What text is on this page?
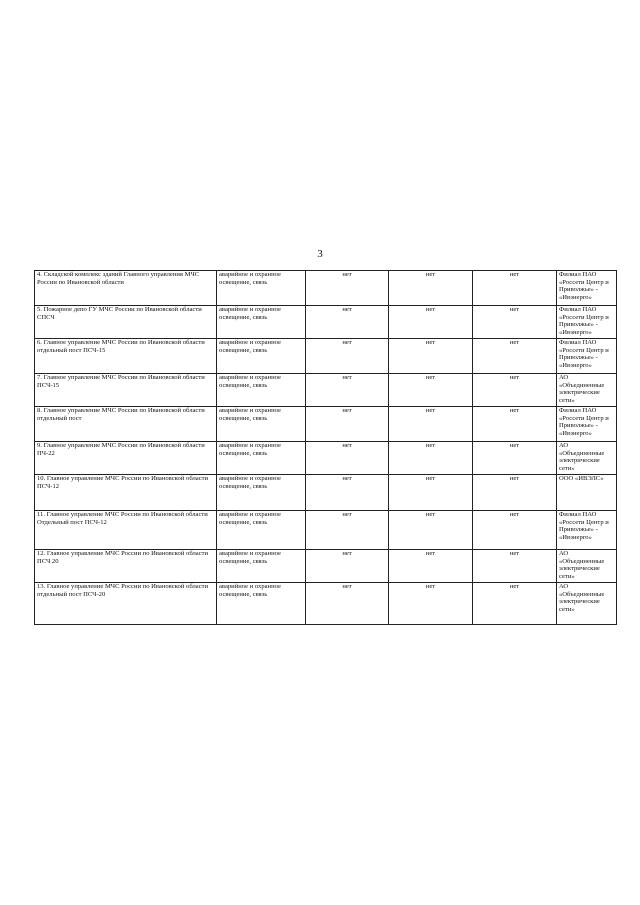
3
4. Складской комплекс зданий Главного управления МЧС России по Ивановской области	аварийное и охранное освещение, связь	нет	нет	нет	Филиал ПАО «Россети Центр и Приволжье» - «Ивэнерго»
5. Пожарное депо ГУ МЧС России по Ивановской области СПСЧ	аварийное и охранное освещение, связь	нет	нет	нет	Филиал ПАО «Россети Центр и Приволжье» - «Ивэнерго»
6. Главное управление МЧС России по Ивановской области отдельный пост ПСЧ-15	аварийное и охранное освещение, связь	нет	нет	нет	Филиал ПАО «Россети Центр и Приволжье» - «Ивэнерго»
7. Главное управление МЧС России по Ивановской области ПСЧ-15	аварийное и охранное освещение, связь	нет	нет	нет	АО «Объединенные электрические сети»
8. Главное управление МЧС России по Ивановской области отдельный пост	аварийное и охранное освещение, связь	нет	нет	нет	Филиал ПАО «Россети Центр и Приволжье» - «Ивэнерго»
9. Главное управление МЧС России по Ивановской области ПЧ-22	аварийное и охранное освещение, связь	нет	нет	нет	АО «Объединенные электрические сети»
10. Главное управление МЧС России по Ивановской области ПСЧ-12	аварийное и охранное освещение, связь	нет	нет	нет	ООО «ИВЭЛС»
11. Главное управление МЧС России по Ивановской области Отдельный пост ПСЧ-12	аварийное и охранное освещение, связь	нет	нет	нет	Филиал ПАО «Россети Центр и Приволжье» - «Ивэнерго»
12. Главное управление МЧС России по Ивановской области ПСЧ 20	аварийное и охранное освещение, связь	нет	нет	нет	АО «Объединенные электрические сети»
13. Главное управление МЧС России по Ивановской области отдельный пост ПСЧ-20	аварийное и охранное освещение, связь	нет	нет	нет	АО «Объединенные электрические сети»
